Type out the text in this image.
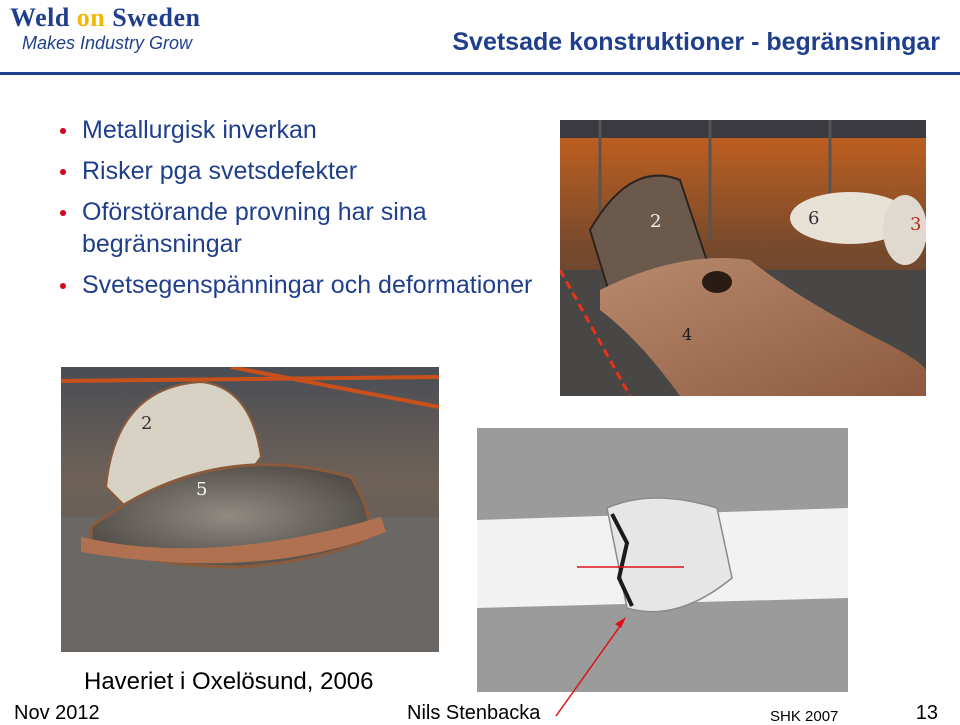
Weld on Sweden
Makes Industry Grow	Svetsade konstruktioner - begränsningar
Metallurgisk inverkan
Risker pga svetsdefekter
Oförstörande provning har sina begränsningar
Svetsegenspänningar och deformationer
2	6	3
4
2
5
Haveriet i Oxelösund, 2006
Nov 2012	Nils Stenbacka	SHK 2007	13
